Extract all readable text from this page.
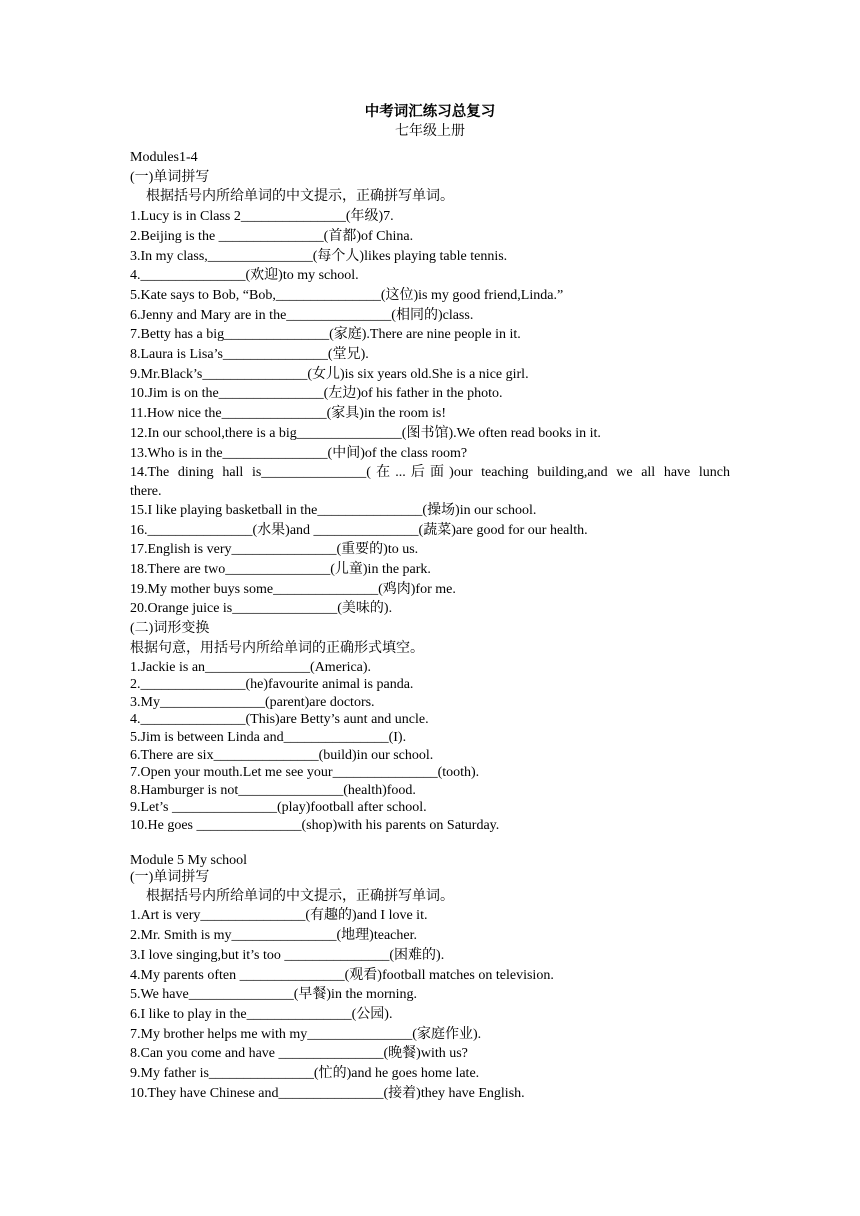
中考词汇练习总复习

七年级上册

Modules1-4

(一)单词拼写

根据括号内所给单词的中文提示，正确拼写单词。

1.Lucy is in Class 2_______________(年级)7.

2.Beijing is the _______________(首都)of China.

3.In my class,_______________(每个人)likes playing table tennis.

4._______________(欢迎)to my school.

5.Kate says to Bob, “Bob,_______________(这位)is my good friend,Linda.”

6.Jenny and Mary are in the_______________(相同的)class.

7.Betty has a big_______________(家庭).There are nine people in it.

8.Laura is Lisa’s_______________(堂兄).

9.Mr.Black’s_______________(女儿)is six years old.She is a nice girl.

10.Jim is on the_______________(左边)of his father in the photo.

11.How nice the_______________(家具)in the room is!

12.In our school,there is a big_______________(图书馆).We often read books in it.

13.Who is in the_______________(中间)of the class room?

14.The dining hall is_______________(在...后面)our teaching building,and we all have lunch

there.

15.I like playing basketball in the_______________(操场)in our school.

16._______________(水果)and _______________(蔬菜)are good for our health.

17.English is very_______________(重要的)to us.

18.There are two_______________(儿童)in the park.

19.My mother buys some_______________(鸡肉)for me.

20.Orange juice is_______________(美味的).

(二)词形变换

根据句意，用括号内所给单词的正确形式填空。

1.Jackie is an_______________(America).

2._______________(he)favourite animal is panda.

3.My_______________(parent)are doctors.

4._______________(This)are Betty’s aunt and uncle.

5.Jim is between Linda and_______________(I).

6.There are six_______________(build)in our school.

7.Open your mouth.Let me see your_______________(tooth).

8.Hamburger is not_______________(health)food.

9.Let’s _______________(play)football after school.

10.He goes _______________(shop)with his parents on Saturday.

Module 5 My school

(一)单词拼写

根据括号内所给单词的中文提示，正确拼写单词。

1.Art is very_______________(有趣的)and I love it.

2.Mr. Smith is my_______________(地理)teacher.

3.I love singing,but it’s too _______________(困难的).

4.My parents often _______________(观看)football matches on television.

5.We have_______________(早餐)in the morning.

6.I like to play in the_______________(公园).

7.My brother helps me with my_______________(家庭作业).

8.Can you come and have _______________(晚餐)with us?

9.My father is_______________(忙的)and he goes home late.

10.They have Chinese and_______________(接着)they have English.
